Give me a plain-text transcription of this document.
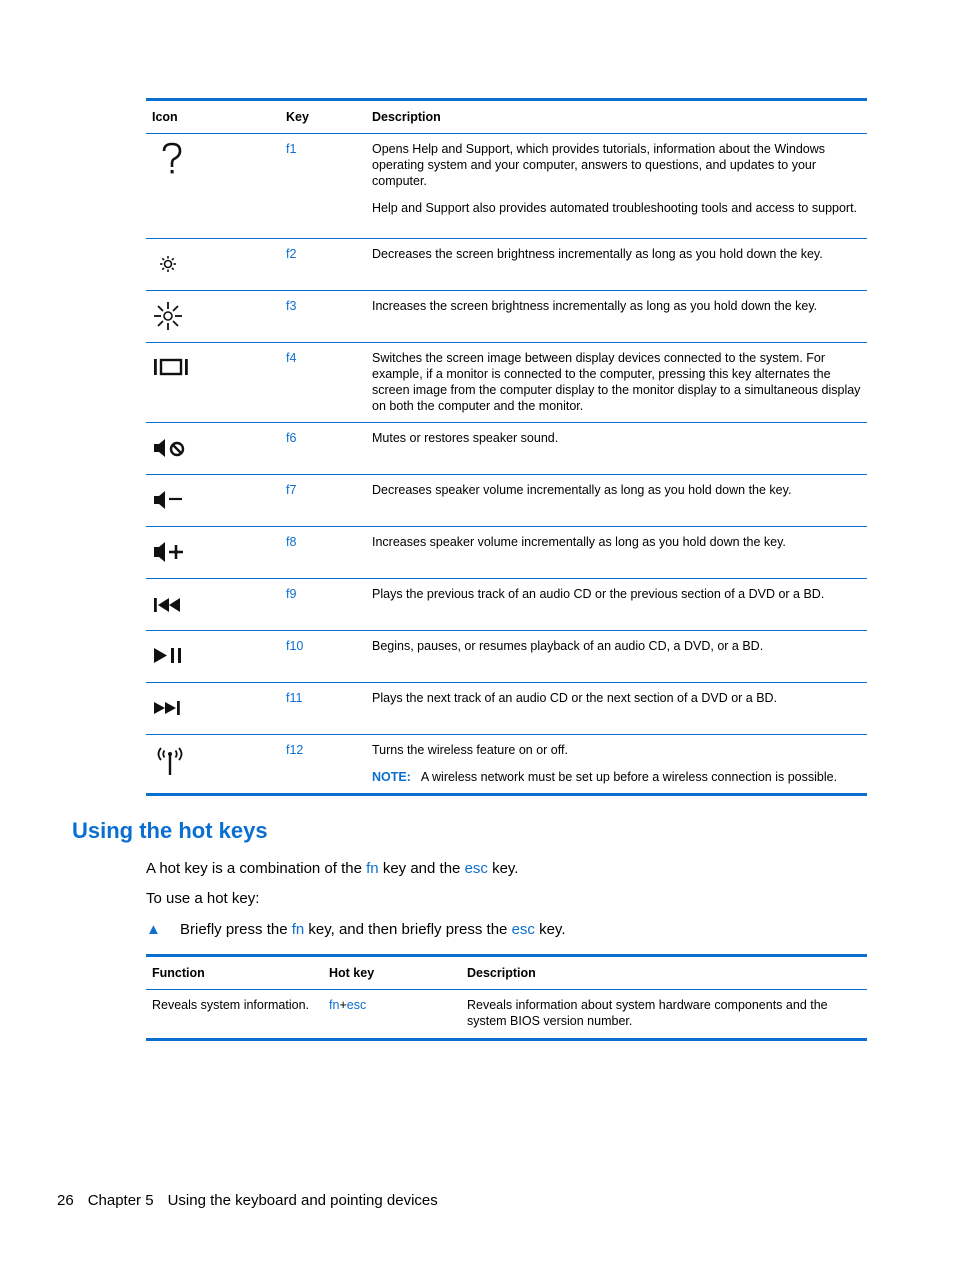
Icon	Key	Description

	f1	Opens Help and Support, which provides tutorials, information about the Windows operating system and your computer, answers to questions, and updates to your computer.

Help and Support also provides automated troubleshooting tools and access to support.

	f2	Decreases the screen brightness incrementally as long as you hold down the key.

	f3	Increases the screen brightness incrementally as long as you hold down the key.

	f4	Switches the screen image between display devices connected to the system. For example, if a monitor is connected to the computer, pressing this key alternates the screen image from the computer display to the monitor display to a simultaneous display on both the computer and the monitor.

	f6	Mutes or restores speaker sound.

	f7	Decreases speaker volume incrementally as long as you hold down the key.

	f8	Increases speaker volume incrementally as long as you hold down the key.

	f9	Plays the previous track of an audio CD or the previous section of a DVD or a BD.

	f10	Begins, pauses, or resumes playback of an audio CD, a DVD, or a BD.

	f11	Plays the next track of an audio CD or the next section of a DVD or a BD.

	f12	Turns the wireless feature on or off.

NOTE: A wireless network must be set up before a wireless connection is possible.

Using the hot keys

A hot key is a combination of the fn key and the esc key.

To use a hot key:

▲ Briefly press the fn key, and then briefly press the esc key.
Function	Hot key	Description
Reveals system information.	fn+esc	Reveals information about system hardware components and the system BIOS version number.
26 Chapter 5 Using the keyboard and pointing devices
